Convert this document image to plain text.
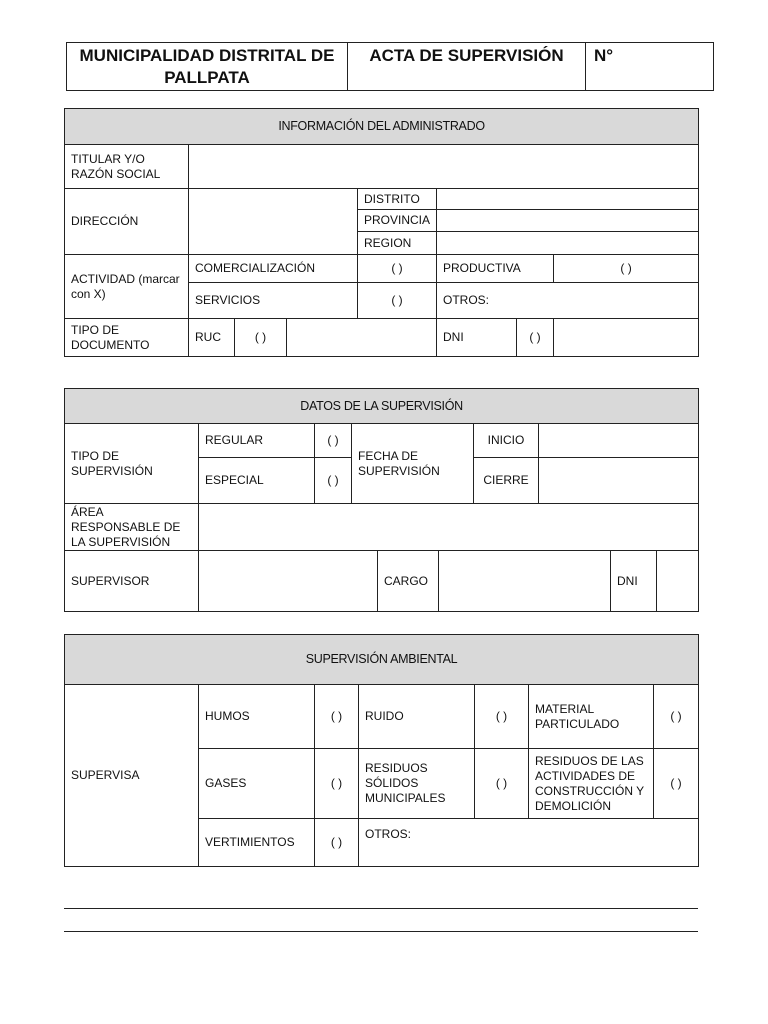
MUNICIPALIDAD DISTRITAL DE PALLPATA
ACTA DE SUPERVISIÓN	N°
INFORMACIÓN DEL ADMINISTRADO							
TITULAR Y/O RAZÓN SOCIAL							
DIRECCIÓN				DISTRITO			
				PROVINCIA			
				REGION			
ACTIVIDAD (marcar con X)	COMERCIALIZACIÓN			( )	PRODUCTIVA		( )
	SERVICIOS			( )	OTROS:		
TIPO DE DOCUMENTO	RUC	( )			DNI	( )	
DATOS DE LA SUPERVISIÓN									
TIPO DE SUPERVISIÓN	REGULAR	( )	FECHA DE SUPERVISIÓN			INICIO			
	ESPECIAL	( )				CIERRE			
ÁREA RESPONSABLE DE LA SUPERVISIÓN									
SUPERVISOR				CARGO				DNI	
SUPERVISIÓN AMBIENTAL						
SUPERVISA	HUMOS	( )	RUIDO	( )	MATERIAL PARTICULADO	( )
	GASES	( )	RESIDUOS SÓLIDOS MUNICIPALES	( )	RESIDUOS DE LAS ACTIVIDADES DE CONSTRUCCIÓN Y DEMOLICIÓN	( )
	VERTIMIENTOS	( )	OTROS:			
